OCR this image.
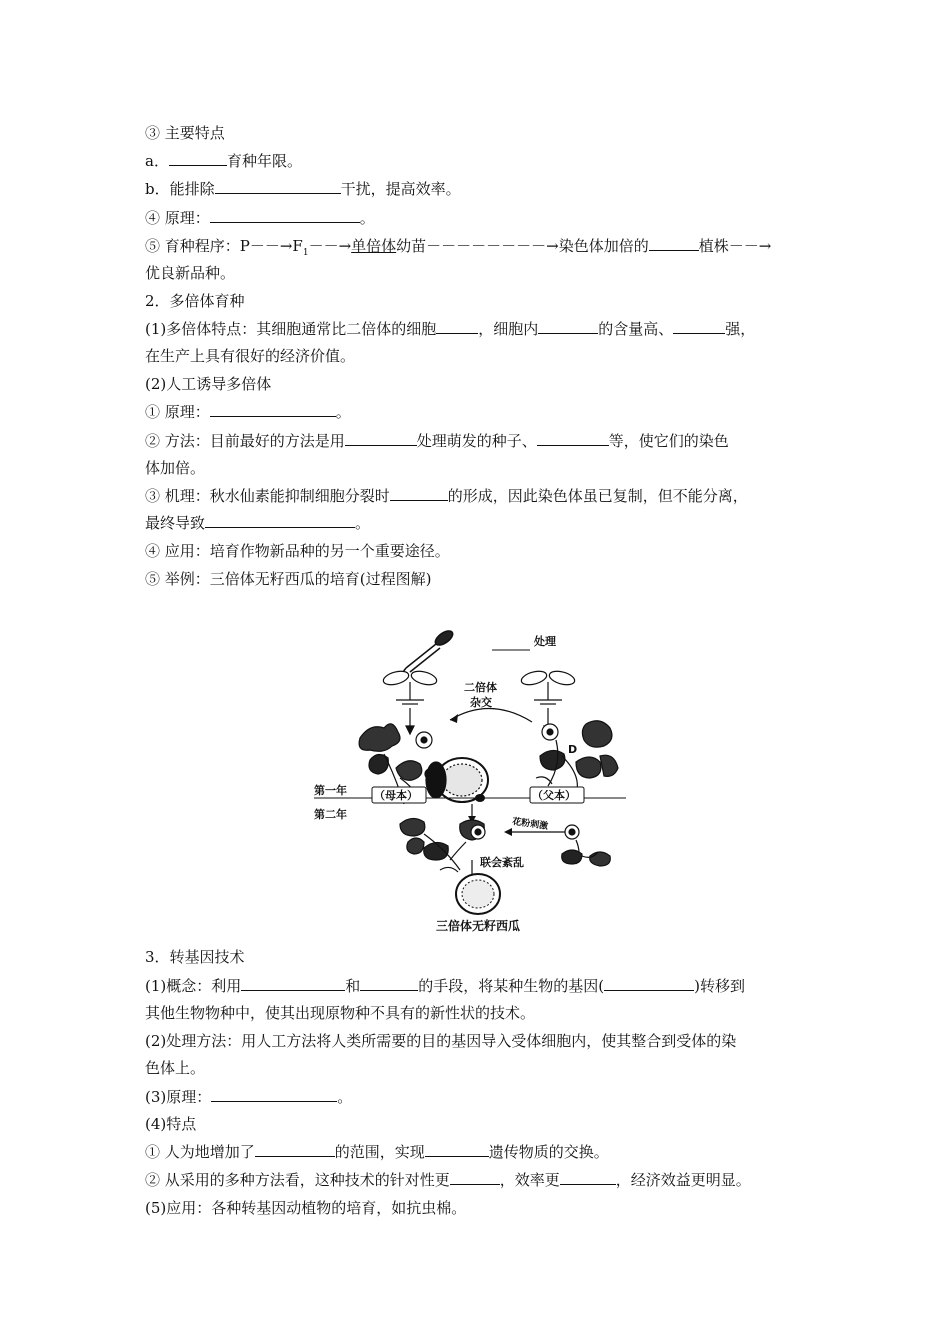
③ 主要特点
a．	育种年限。
b．能排除	干扰，提高效率。
④ 原理：	。
⑤ 育种程序：$P--\to F_1--\to$单倍体幼苗－－－－－－－－→染色体加倍的	植株－－→
优良新品种。
2．多倍体育种
(1)多倍体特点：其细胞通常比二倍体的细胞	，细胞内	的含量高、	强，
在生产上具有很好的经济价值。
(2)人工诱导多倍体
① 原理：	。
② 方法：目前最好的方法是用	处理萌发的种子、	等，使它们的染色
体加倍。
③ 机理：秋水仙素能抑制细胞分裂时	的形成，因此染色体虽已复制，但不能分离，
最终导致	。
④ 应用：培育作物新品种的另一个重要途径。
⑤ 举例：三倍体无籽西瓜的培育(过程图解)
处理
二倍体
杂交
D
第一年
第二年
（母本）	（父本）
花粉刺激
联会紊乱
三倍体无籽西瓜
3．转基因技术
(1)概念：利用	和	的手段，将某种生物的基因(	)转移到
其他生物物种中，使其出现原物种不具有的新性状的技术。
(2)处理方法：用人工方法将人类所需要的目的基因导入受体细胞内，使其整合到受体的染
色体上。
(3)原理：	。
(4)特点
① 人为地增加了	的范围，实现	遗传物质的交换。
② 从采用的多种方法看，这种技术的针对性更	，效率更	，经济效益更明显。
(5)应用：各种转基因动植物的培育，如抗虫棉。
